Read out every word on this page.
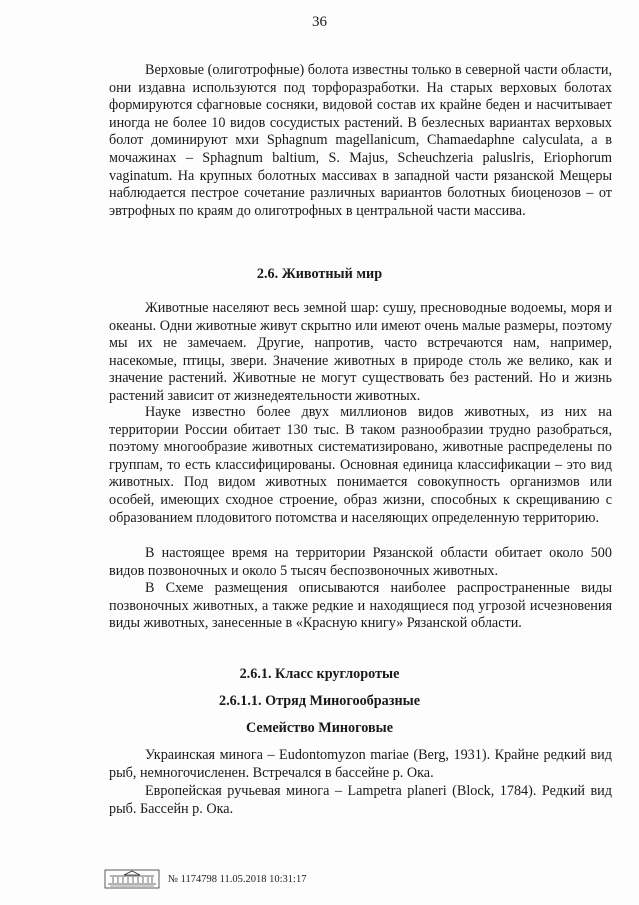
36

Верховые (олиготрофные) болота известны только в северной части области, они издавна используются под торфоразработки. На старых верховых болотах формируются сфагновые сосняки, видовой состав их крайне беден и насчитывает иногда не более 10 видов сосудистых растений. В безлесных вариантах верховых болот доминируют мхи Sphagnum magellanicum, Chamaedaphne calyculata, а в мочажинах – Sphagnum baltium, S. Majus, Scheuchzeria paluslris, Eriophorum vaginatum. На крупных болотных массивах в западной части рязанской Мещеры наблюдается пестрое сочетание различных вариантов болотных биоценозов – от эвтрофных по краям до олиготрофных в центральной части массива.

2.6. Животный мир

Животные населяют весь земной шар: сушу, пресноводные водоемы, моря и океаны. Одни животные живут скрытно или имеют очень малые размеры, поэтому мы их не замечаем. Другие, напротив, часто встречаются нам, например, насекомые, птицы, звери. Значение животных в природе столь же велико, как и значение растений. Животные не могут существовать без растений. Но и жизнь растений зависит от жизнедеятельности животных.

Науке известно более двух миллионов видов животных, из них на территории России обитает 130 тыс. В таком разнообразии трудно разобраться, поэтому многообразие животных систематизировано, животные распределены по группам, то есть классифицированы. Основная единица классификации – это вид животных. Под видом животных понимается совокупность организмов или особей, имеющих сходное строение, образ жизни, способных к скрещиванию с образованием плодовитого потомства и населяющих определенную территорию.

В настоящее время на территории Рязанской области обитает около 500 видов позвоночных и около 5 тысяч беспозвоночных животных.

В Схеме размещения описываются наиболее распространенные виды позвоночных животных, а также редкие и находящиеся под угрозой исчезновения виды животных, занесенные в «Красную книгу» Рязанской области.

2.6.1. Класс круглоротые
2.6.1.1. Отряд Миногообразные
Семейство Миноговые

Украинская минога – Eudontomyzon mariae (Berg, 1931). Крайне редкий вид рыб, немногочисленен. Встречался в бассейне р. Ока.

Европейская ручьевая минога – Lampetra planeri (Block, 1784). Редкий вид рыб. Бассейн р. Ока.

№ 1174798 11.05.2018 10:31:17
